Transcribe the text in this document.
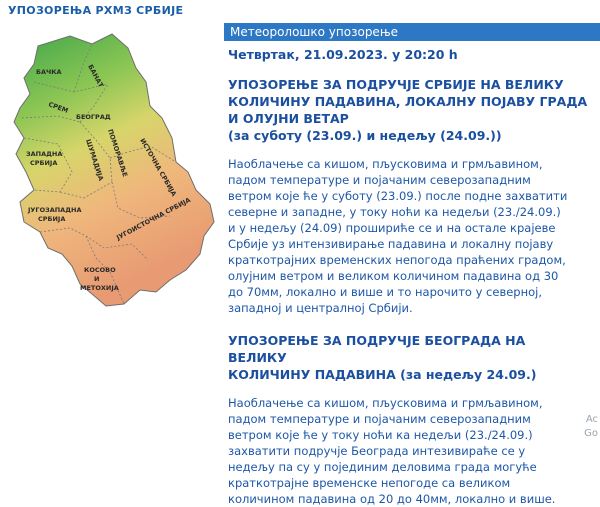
УПОЗОРЕЊА РХМЗ СРБИЈЕ
БАЧКА	БАНАТ
СРЕМ
БЕОГРАД
ЗАПАДНА
СРБИЈА	ШУМАДИЈА ПОМОРАВЉЕ ИСТОЧНА СРБИЈА
ЈУГОЗАПАДНА
СРБИЈА	ЈУГОИСТОЧНА СРБИЈА
КОСОВО
И
МЕТОХИЈА
Метеоролошко упозорење
Четвртак, 21.09.2023. у 20:20 h
УПОЗОРЕЊЕ ЗА ПОДРУЧЈЕ СРБИЈЕ НА ВЕЛИКУ
КОЛИЧИНУ ПАДАВИНА, ЛОКАЛНУ ПОЈАВУ ГРАДА
И ОЛУЈНИ ВЕТАР
(за суботу (23.09.) и недељу (24.09.))
Наоблачење са кишом, пљусковима и грмљавином,
падом температуре и појачаним северозападним
ветром које ће у суботу (23.09.) после подне захватити
северне и западне, у току ноћи ка недељи (23./24.09.)
и у недељу (24.09) прошириће се и на остале крајеве
Србије уз интензивирање падавина и локалну појаву
краткотрајних временских непогода праћених градом,
олујним ветром и великом количином падавина од 30
до 70мм, локално и више и то нарочито у северној,
западној и централној Србији.
УПОЗОРЕЊЕ ЗА ПОДРУЧЈЕ БЕОГРАДА НА ВЕЛИКУ
КОЛИЧИНУ ПАДАВИНА (за недељу 24.09.)
Наоблачење са кишом, пљусковима и грмљавином,
падом температуре и појачаним северозападним
ветром које ће у току ноћи ка недељи (23./24.09.)
захватити подручје Београда интезивираће се у
недељу па су у појединим деловима града могуће
краткотрајне временске непогоде са великом
количином падавина од 20 до 40мм, локално и више.
Ac
Go
